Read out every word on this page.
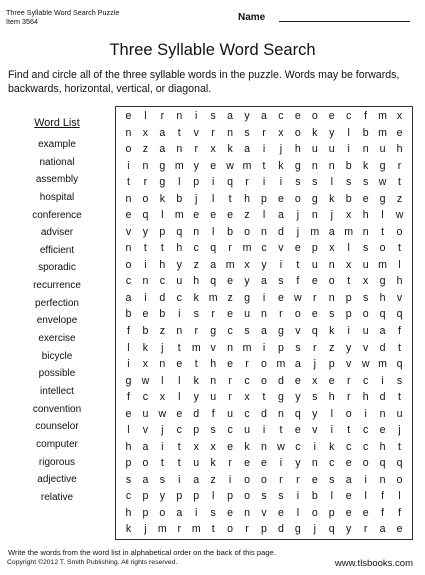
Three Syllable Word Search Puzzle
Item 3564	Name
Three Syllable Word Search
Find and circle all of the three syllable words in the puzzle. Words may be forwards, backwards, horizontal, vertical, or diagonal.
Word List
example
national
assembly
hospital
conference
adviser
efficient
sporadic
recurrence
perfection
envelope
exercise
bicycle
possible
intellect
convention
counselor
computer
rigorous
adjective
relative
e	l	r	n	i	s	a	y	a	c	e	o	e	c	f	m x
n	x	a	t	v	r	n	s	r	x	o	k	y	l	b m e
o	z	a	n	r	x	k	a	i	j	h	u	u	i	n	u	h
i	n	g m y	e w m	t	k	g	n	n	b	k	g	r
t	r	g	l	p	i	q	r	i	i	s	s	l	s	s w	t
n	o	k	b	j	l	t	h	p	e	o	g	k	b	e	g	z
e	q	l	m e	e	e	z	l	a	j	n	j	x	h	l	w
v	y	p	q	n	l	b	o	n	d	j	m a m n	t	o
n	t	t	h	c	q	r	m c	v	e	p	x	l	s	o	t
o	i	h	y	z	a m x	y	i	t	u	n	x	u m	l
c	n	c	u	h	q	e	y	a	s	f	e	o	t	x	g	h
a	i	d	c	k m z	g	i	e w	r	n	p	s	h	v
b	e	b	i	s	r	e	u	n	r	o	e	s	p	o	q	q
f	b	z	n	r	g	c	s	a	g	v	q	k	i	u	a	f
l	k	j	t	m v	n m	i	p	s	r	z	y	v	d	t
i	x	n	e	t	h	e	r	o m a	j	p	v w m q
g w	l	l	k	n	r	c	o	d	e	x	e	r	c	i	s
f	c	x	l	y	u	r	x	t	g	y	s	h	r	h	d	t
e	u w e	d	f	u	c	d	n	q	y	l	o	i	n	u
l	v	j	c	p	s	c	u	i	t	e	v	i	t	c	e	j
h	a	i	t	x	x	e	k	n w c	i	k	c	c	h	t
p	o	t	t	u	k	r	e	e	i	y	n	c	e	o	q	q
s	a	s	i	a	z	i	o	o	r	r	e	s	a	i	n	o
c	p	y	p	p	l	p	o	s	s	i	b	l	e	l	f	l
h	p	o	a	i	s	e	n	v	e	l	o	p	e	e	f	f
k	j	m	r	m	t	o	r	p	d	g	j	q	y	r	a	e
Write the words from the word list in alphabetical order on the back of this page.
Copyright ©2012 T. Smith Publishing. All rights reserved.	www.tlsbooks.com
